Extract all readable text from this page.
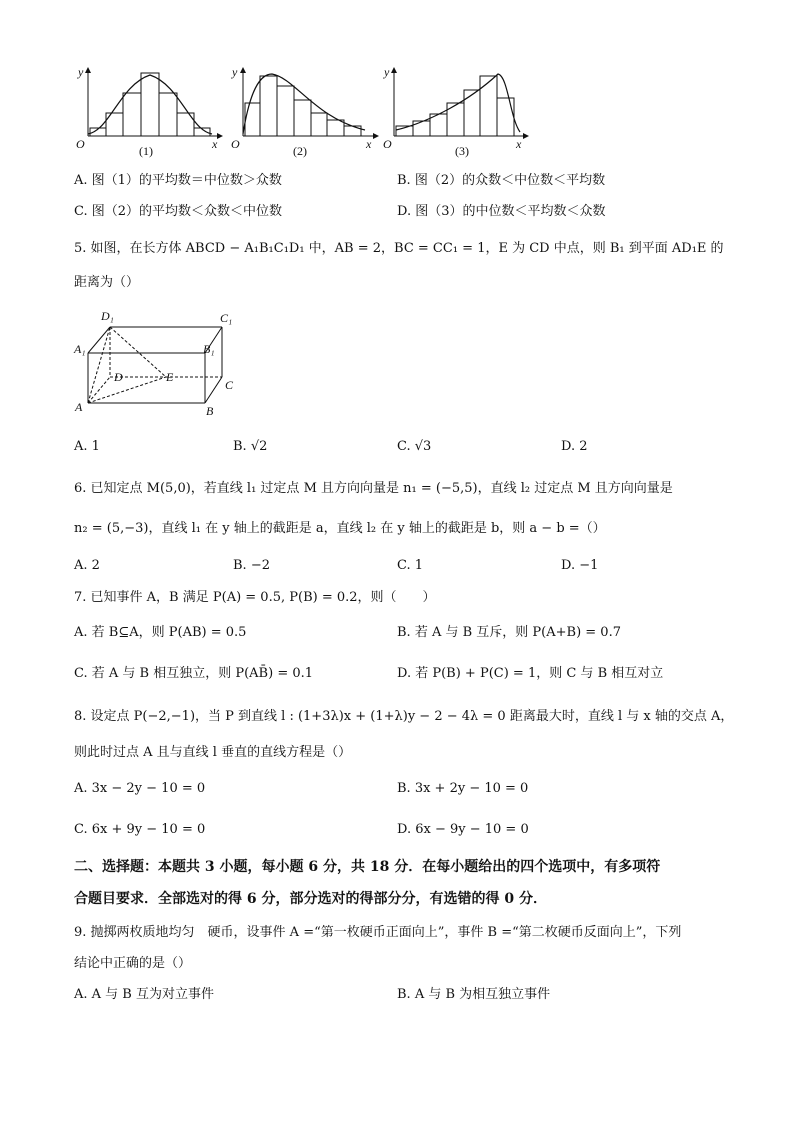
y
O	x
(1)
y
O	x
(2)
y
O	x
(3)
A. 图（1）的平均数＝中位数＞众数	B. 图（2）的众数＜中位数＜平均数
C. 图（2）的平均数＜众数＜中位数	D. 图（3）的中位数＜平均数＜众数
5. 如图，在长方体 ABCD − A₁B₁C₁D₁ 中，AB = 2，BC = CC₁ = 1，E 为 CD 中点，则 B₁ 到平面 AD₁E 的
距离为（）
D₁	C₁
A₁	B₁
D	E
C
A	B
A. 1	B. √2	C. √3	D. 2
6. 已知定点 M(5,0)，若直线 l₁ 过定点 M 且方向向量是 n₁ = (−5,5)，直线 l₂ 过定点 M 且方向向量是
n₂ = (5,−3)，直线 l₁ 在 y 轴上的截距是 a，直线 l₂ 在 y 轴上的截距是 b，则 a − b =（）
A. 2	B. −2	C. 1	D. −1
7. 已知事件 A，B 满足 P(A) = 0.5, P(B) = 0.2，则（　　）
A. 若 B⊆A，则 P(AB) = 0.5	B. 若 A 与 B 互斥，则 P(A+B) = 0.7
C. 若 A 与 B 相互独立，则 P(AB̄) = 0.1	D. 若 P(B) + P(C) = 1，则 C 与 B 相互对立
8. 设定点 P(−2,−1)，当 P 到直线 l : (1+3λ)x + (1+λ)y − 2 − 4λ = 0 距离最大时，直线 l 与 x 轴的交点 A，
则此时过点 A 且与直线 l 垂直的直线方程是（）
A. 3x − 2y − 10 = 0	B. 3x + 2y − 10 = 0
C. 6x + 9y − 10 = 0	D. 6x − 9y − 10 = 0
二、选择题：本题共 3 小题，每小题 6 分，共 18 分．在每小题给出的四个选项中，有多项符
合题目要求．全部选对的得 6 分，部分选对的得部分分，有选错的得 0 分．
9. 抛掷两枚质地均匀　硬币，设事件 A =“第一枚硬币正面向上”，事件 B =“第二枚硬币反面向上”，下列
结论中正确的是（）
A. A 与 B 互为对立事件	B. A 与 B 为相互独立事件
